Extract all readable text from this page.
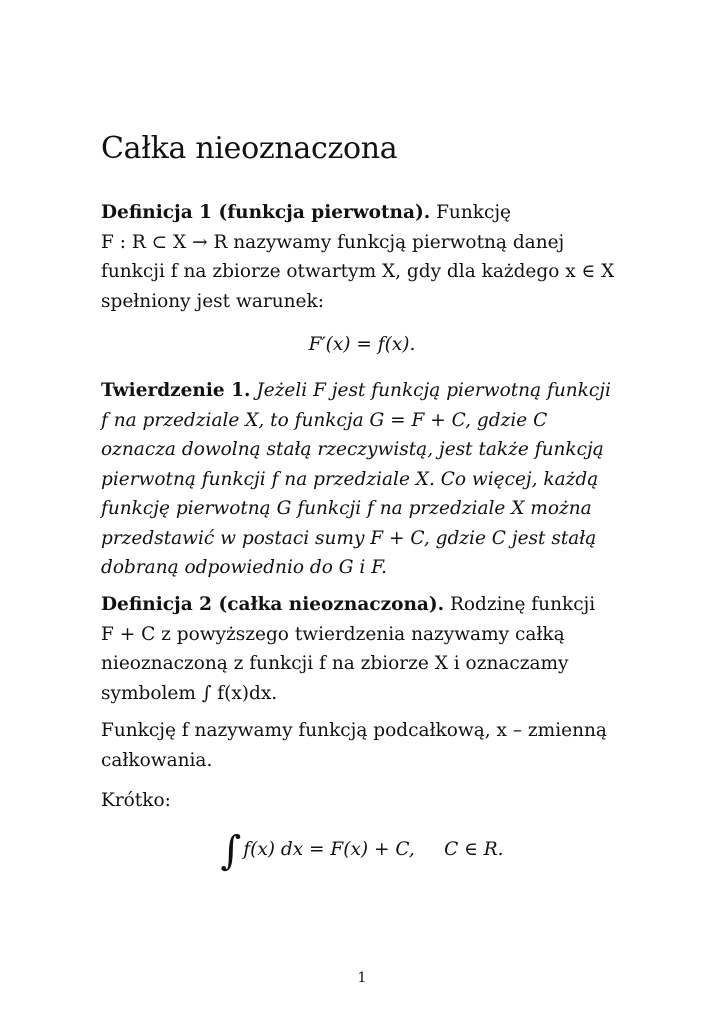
Całka nieoznaczona
Definicja 1 (funkcja pierwotna). Funkcję
F : R ⊂ X → R nazywamy funkcją pierwotną danej
funkcji f na zbiorze otwartym X, gdy dla każdego x ∈ X
spełniony jest warunek:
F′(x) = f(x).
Twierdzenie 1. Jeżeli F jest funkcją pierwotną funkcji
f na przedziale X, to funkcja G = F + C, gdzie C
oznacza dowolną stałą rzeczywistą, jest także funkcją
pierwotną funkcji f na przedziale X. Co więcej, każdą
funkcję pierwotną G funkcji f na przedziale X można
przedstawić w postaci sumy F + C, gdzie C jest stałą
dobraną odpowiednio do G i F.
Definicja 2 (całka nieoznaczona). Rodzinę funkcji
F + C z powyższego twierdzenia nazywamy całką
nieoznaczoną z funkcji f na zbiorze X i oznaczamy
symbolem ∫ f(x)dx.
Funkcję f nazywamy funkcją podcałkową, x – zmienną
całkowania.
Krótko:
∫ f(x) dx = F(x) + C,     C ∈ R.
1
